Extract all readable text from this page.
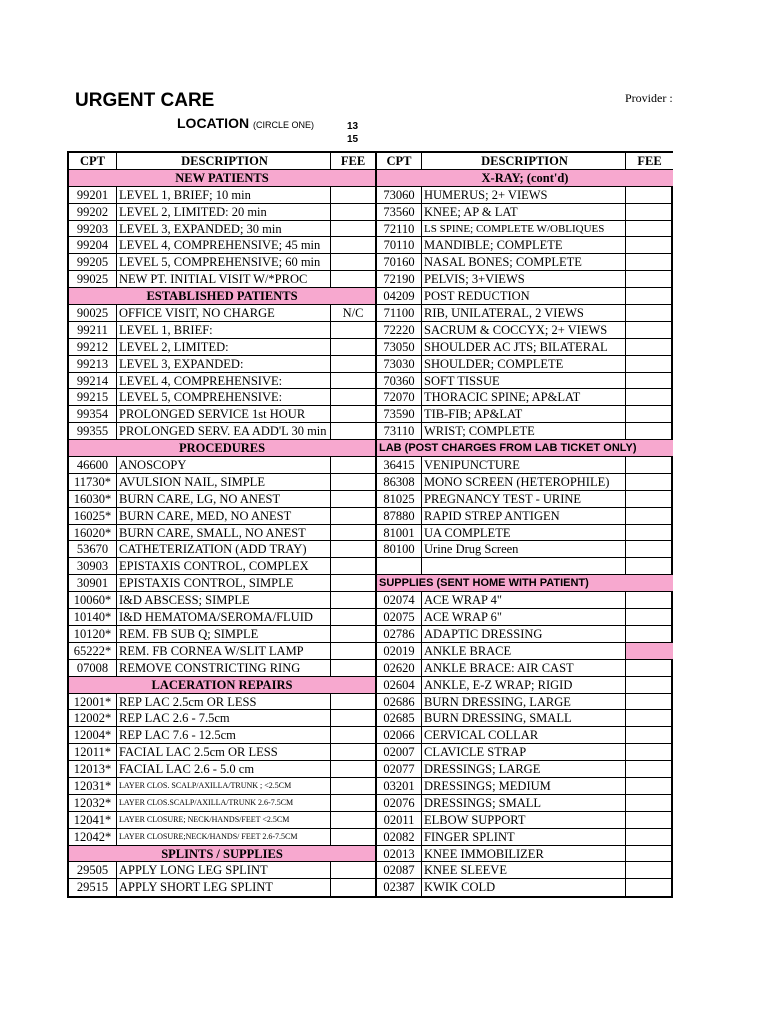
URGENT CARE	Provider :
LOCATION (CIRCLE ONE)	13
15
CPT	DESCRIPTION	FEE
NEW PATIENTS
99201 LEVEL 1, BRIEF; 10 min
99202 LEVEL 2, LIMITED: 20 min
99203 LEVEL 3, EXPANDED; 30 min
99204 LEVEL 4, COMPREHENSIVE; 45 min
99205 LEVEL 5, COMPREHENSIVE; 60 min
99025 NEW PT. INITIAL VISIT W/*PROC
ESTABLISHED PATIENTS
90025 OFFICE VISIT, NO CHARGE	N/C
99211 LEVEL 1, BRIEF:
99212 LEVEL 2, LIMITED:
99213 LEVEL 3, EXPANDED:
99214 LEVEL 4, COMPREHENSIVE:
99215 LEVEL 5, COMPREHENSIVE:
99354 PROLONGED SERVICE 1st HOUR
99355 PROLONGED SERV. EA ADD'L 30 min
PROCEDURES
46600 ANOSCOPY
11730* AVULSION NAIL, SIMPLE
16030* BURN CARE, LG, NO ANEST
16025* BURN CARE, MED, NO ANEST
16020* BURN CARE, SMALL, NO ANEST
53670 CATHETERIZATION (ADD TRAY)
30903 EPISTAXIS CONTROL, COMPLEX
30901 EPISTAXIS CONTROL, SIMPLE
10060* I&D ABSCESS; SIMPLE
10140* I&D HEMATOMA/SEROMA/FLUID
10120* REM. FB SUB Q; SIMPLE
65222* REM. FB CORNEA W/SLIT LAMP
07008 REMOVE CONSTRICTING RING
LACERATION REPAIRS
12001* REP LAC 2.5cm OR LESS
12002* REP LAC 2.6 - 7.5cm
12004* REP LAC 7.6 - 12.5cm
12011* FACIAL LAC 2.5cm OR LESS
12013* FACIAL LAC 2.6 - 5.0 cm
12031* LAYER CLOS. SCALP/AXILLA/TRUNK ; <2.5CM
12032* LAYER CLOS.SCALP/AXILLA/TRUNK 2.6-7.5CM
12041* LAYER CLOSURE; NECK/HANDS/FEET <2.5CM
12042* LAYER CLOSURE;NECK/HANDS/ FEET 2.6-7.5CM
SPLINTS / SUPPLIES
29505 APPLY LONG LEG SPLINT
29515 APPLY SHORT LEG SPLINT
CPT	DESCRIPTION	FEE
X-RAY; (cont'd)
73060 HUMERUS; 2+ VIEWS
73560 KNEE; AP & LAT
72110 LS SPINE; COMPLETE W/OBLIQUES
70110 MANDIBLE; COMPLETE
70160 NASAL BONES; COMPLETE
72190 PELVIS; 3+VIEWS
04209 POST REDUCTION
71100 RIB, UNILATERAL, 2 VIEWS
72220 SACRUM & COCCYX; 2+ VIEWS
73050 SHOULDER AC JTS; BILATERAL
73030 SHOULDER; COMPLETE
70360 SOFT TISSUE
72070 THORACIC SPINE; AP&LAT
73590 TIB-FIB; AP&LAT
73110 WRIST; COMPLETE
LAB (POST CHARGES FROM LAB TICKET ONLY)
36415 VENIPUNCTURE
86308 MONO SCREEN (HETEROPHILE)
81025 PREGNANCY TEST - URINE
87880 RAPID STREP ANTIGEN
81001 UA COMPLETE
80100 Urine Drug Screen
SUPPLIES (SENT HOME WITH PATIENT)
02074 ACE WRAP 4"
02075 ACE WRAP 6"
02786 ADAPTIC DRESSING
02019 ANKLE BRACE
02620 ANKLE BRACE: AIR CAST
02604 ANKLE, E-Z WRAP; RIGID
02686 BURN DRESSING, LARGE
02685 BURN DRESSING, SMALL
02066 CERVICAL COLLAR
02007 CLAVICLE STRAP
02077 DRESSINGS; LARGE
03201 DRESSINGS; MEDIUM
02076 DRESSINGS; SMALL
02011 ELBOW SUPPORT
02082 FINGER SPLINT
02013 KNEE IMMOBILIZER
02087 KNEE SLEEVE
02387 KWIK COLD
